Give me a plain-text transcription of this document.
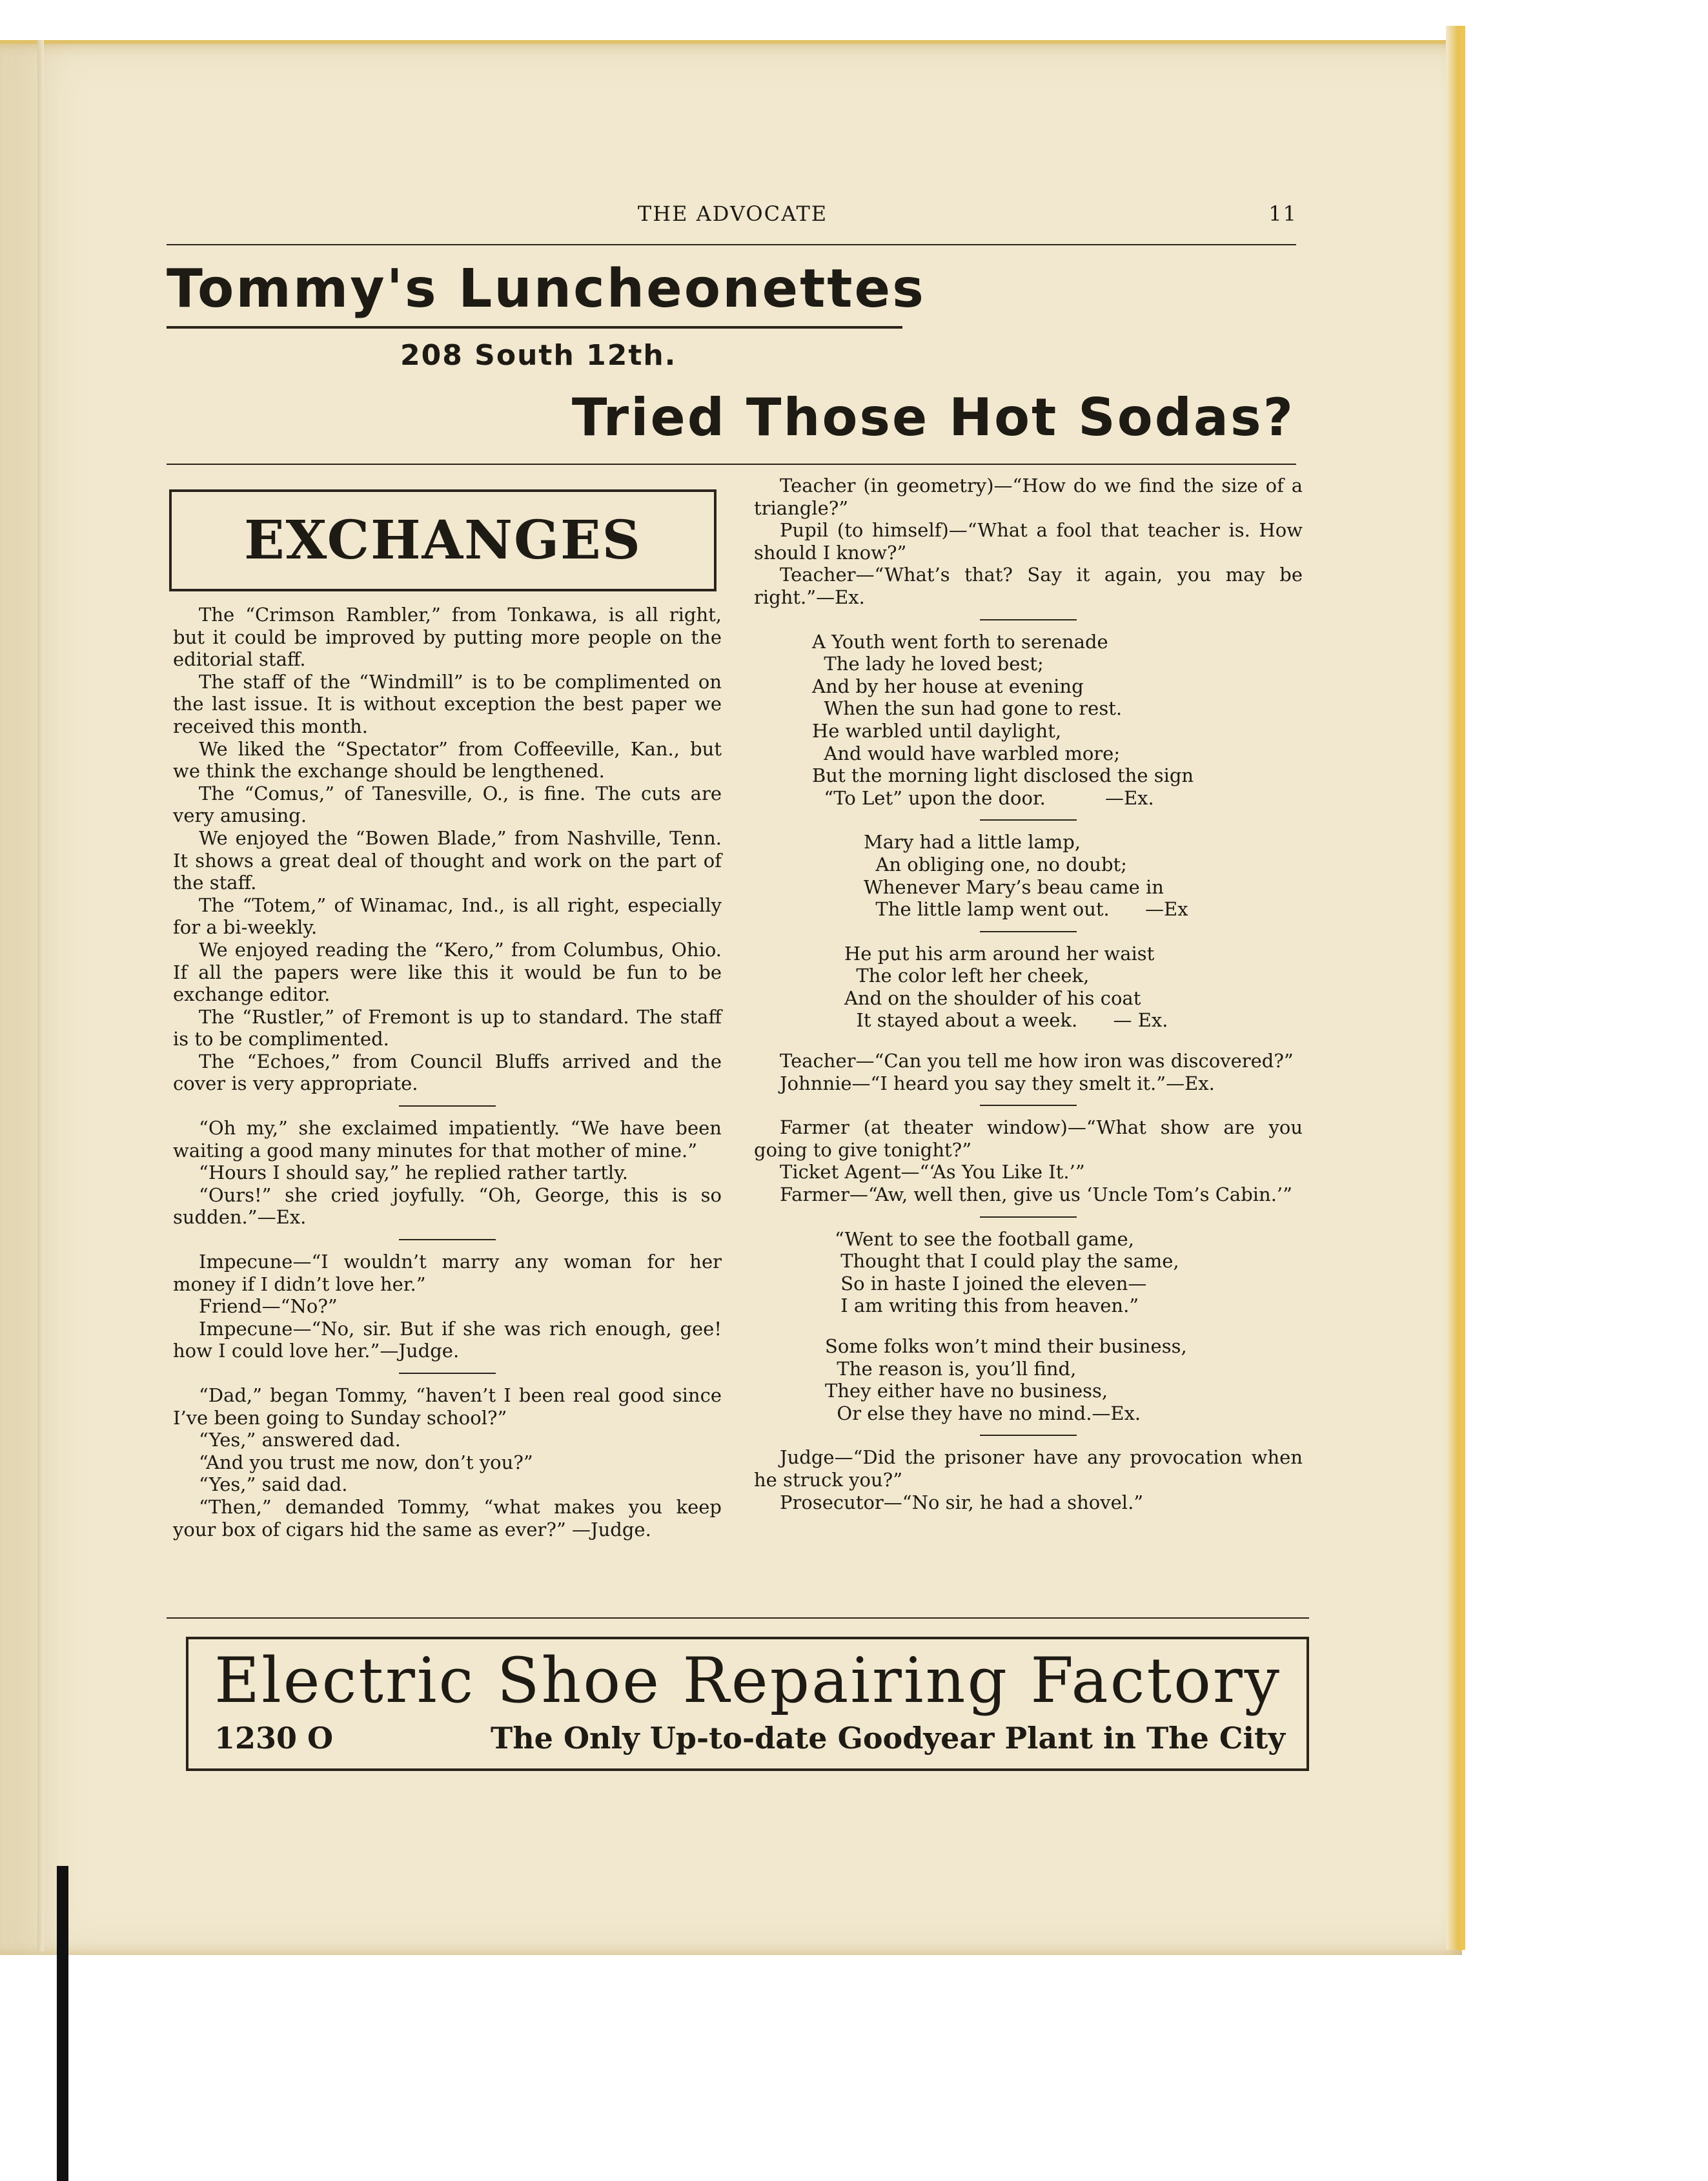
THE ADVOCATE	11
Tommy's Luncheonettes
208 South 12th.
Tried Those Hot Sodas?
EXCHANGES

The “Crimson Rambler,” from Tonkawa, is all right, but it could be improved by putting more people on the editorial staff.

The staff of the “Windmill” is to be complimented on the last issue. It is without exception the best paper we received this month.

We liked the “Spectator” from Coffeeville, Kan., but we think the exchange should be lengthened.

The “Comus,” of Tanesville, O., is fine. The cuts are very amusing.

We enjoyed the “Bowen Blade,” from Nashville, Tenn. It shows a great deal of thought and work on the part of the staff.

The “Totem,” of Winamac, Ind., is all right, especially for a bi-weekly.

We enjoyed reading the “Kero,” from Columbus, Ohio. If all the papers were like this it would be fun to be exchange editor.

The “Rustler,” of Fremont is up to standard. The staff is to be complimented.

The “Echoes,” from Council Bluffs arrived and the cover is very appropriate.

“Oh my,” she exclaimed impatiently. “We have been waiting a good many minutes for that mother of mine.”

“Hours I should say,” he replied rather tartly.

“Ours!” she cried joyfully. “Oh, George, this is so sudden.”—Ex.

Impecune—“I wouldn’t marry any woman for her money if I didn’t love her.”

Friend—“No?”

Impecune—“No, sir. But if she was rich enough, gee! how I could love her.”—Judge.

“Dad,” began Tommy, “haven’t I been real good since I’ve been going to Sunday school?”

“Yes,” answered dad.

“And you trust me now, don’t you?”

“Yes,” said dad.

“Then,” demanded Tommy, “what makes you keep your box of cigars hid the same as ever?” —Judge.

Teacher (in geometry)—“How do we find the size of a triangle?”

Pupil (to himself)—“What a fool that teacher is. How should I know?”

Teacher—“What’s that? Say it again, you may be right.”—Ex.

A Youth went forth to serenade
The lady he loved best;
And by her house at evening
When the sun had gone to rest.
He warbled until daylight,
And would have warbled more;
But the morning light disclosed the sign
“To Let” upon the door.          —Ex.
Mary had a little lamp,
An obliging one, no doubt;
Whenever Mary’s beau came in
The little lamp went out.      —Ex
He put his arm around her waist
The color left her cheek,
And on the shoulder of his coat
It stayed about a week.      — Ex.

Teacher—“Can you tell me how iron was discovered?”

Johnnie—“I heard you say they smelt it.”—Ex.

Farmer (at theater window)—“What show are you going to give tonight?”

Ticket Agent—“‘As You Like It.’”

Farmer—“Aw, well then, give us ‘Uncle Tom’s Cabin.’”

“Went to see the football game,
Thought that I could play the same,
So in haste I joined the eleven—
I am writing this from heaven.”
Some folks won’t mind their business,
The reason is, you’ll find,
They either have no business,
Or else they have no mind.—Ex.

Judge—“Did the prisoner have any provocation when he struck you?”

Prosecutor—“No sir, he had a shovel.”

Electric Shoe Repairing Factory
1230 O	The Only Up-to-date Goodyear Plant in The City
